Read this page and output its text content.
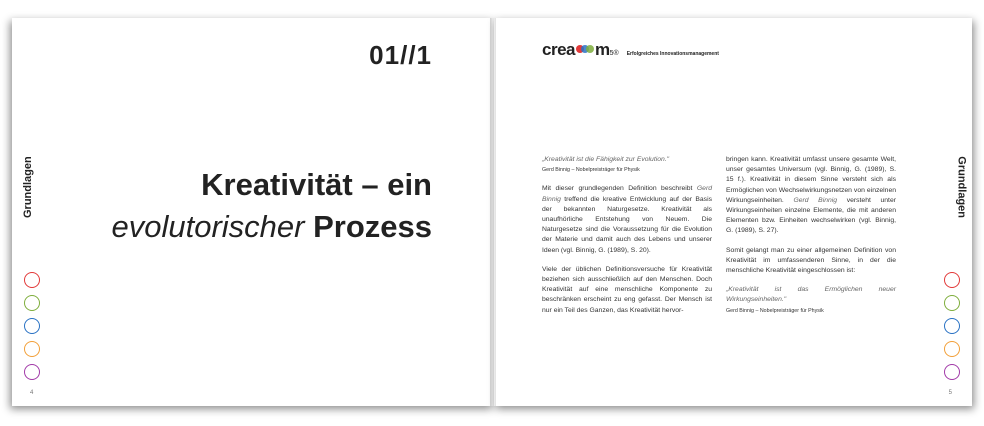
01//1
Grundlagen	Kreativität – ein
evolutorischer Prozess
4
crea m 5 ® Erfolgreiches Innovationsmanagement
„Kreativität ist die Fähigkeit zur Evolution."
Gerd Binnig – Nobelpreisträger für Physik

Mit dieser grundlegenden Definition beschreibt Gerd Binnig treffend die kreative Entwicklung auf der Basis der bekannten Naturgesetze. Kreativität als unaufhörliche Entstehung von Neuem. Die Naturgesetze sind die Voraussetzung für die Evolution der Materie und damit auch des Lebens und unserer Ideen (vgl. Binnig, G. (1989), S. 20).

Viele der üblichen Definitionsversuche für Kreativität beziehen sich ausschließlich auf den Menschen. Doch Kreativität auf eine menschliche Komponente zu beschränken erscheint zu eng gefasst. Der Mensch ist nur ein Teil des Ganzen, das Kreativität hervor-

bringen kann. Kreativität umfasst unsere gesamte Welt, unser gesamtes Universum (vgl. Binnig, G. (1989), S. 15 f.). Kreativität in diesem Sinne versteht sich als Ermöglichen von Wechselwirkungsnetzen von einzelnen Wirkungseinheiten. Gerd Binnig versteht unter Wirkungseinheiten einzelne Elemente, die mit anderen Elementen bzw. Einheiten wechselwirken (vgl. Binnig, G. (1989), S. 27).

Somit gelangt man zu einer allgemeinen Definition von Kreativität im umfassenderen Sinne, in der die menschliche Kreativität eingeschlossen ist:

„Kreativität ist das Ermöglichen neuer Wirkungseinheiten."
Gerd Binnig – Nobelpreisträger für Physik
Grundlagen
5
